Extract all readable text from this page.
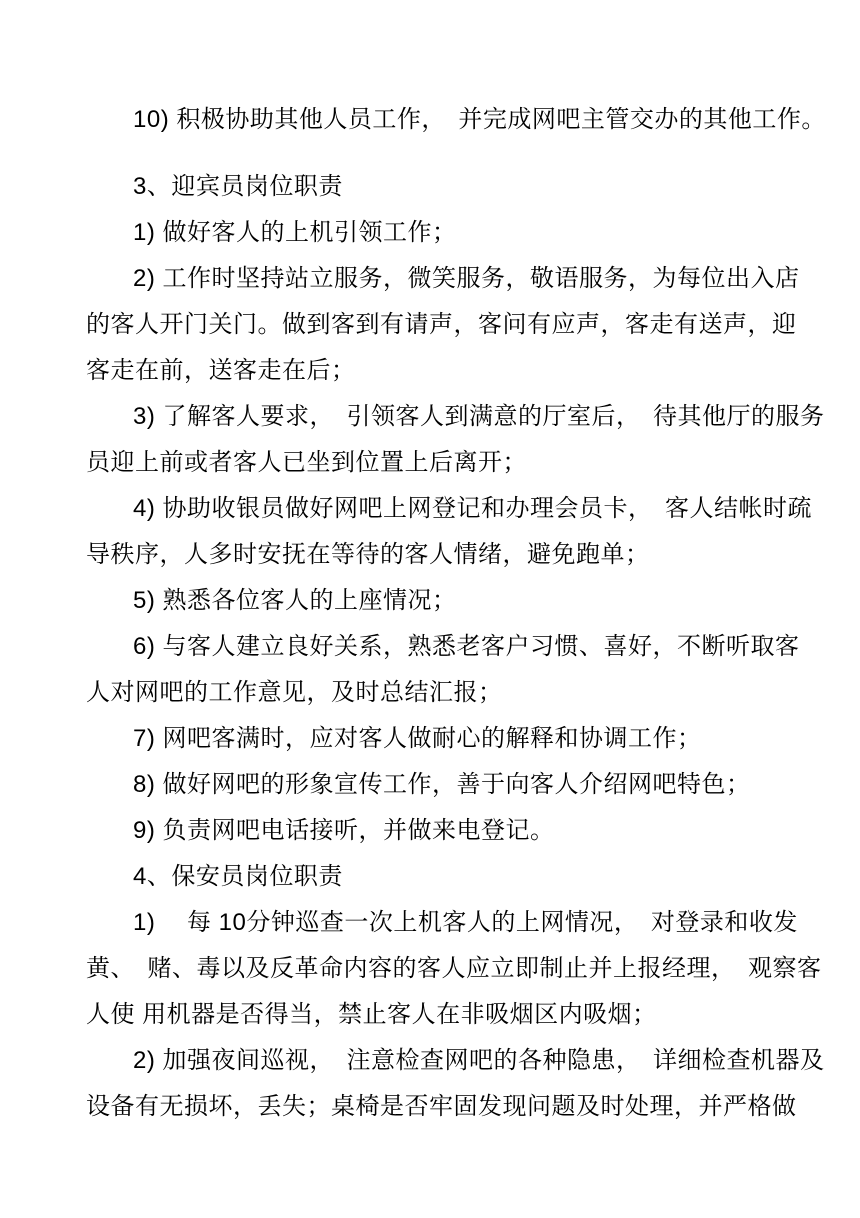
10) 积极协助其他人员工作，　并完成网吧主管交办的其他工作。

3、迎宾员岗位职责

1) 做好客人的上机引领工作；

2) 工作时坚持站立服务，微笑服务，敬语服务，为每位出入店
的客人开门关门。做到客到有请声，客问有应声，客走有送声，迎
客走在前，送客走在后；

3) 了解客人要求，　引领客人到满意的厅室后，　待其他厅的服务
员迎上前或者客人已坐到位置上后离开；

4) 协助收银员做好网吧上网登记和办理会员卡，　客人结帐时疏
导秩序，人多时安抚在等待的客人情绪，避免跑单；

5) 熟悉各位客人的上座情况；

6) 与客人建立良好关系，熟悉老客户习惯、喜好，不断听取客
人对网吧的工作意见，及时总结汇报；

7) 网吧客满时，应对客人做耐心的解释和协调工作；

8) 做好网吧的形象宣传工作，善于向客人介绍网吧特色；

9) 负责网吧电话接听，并做来电登记。

4、保安员岗位职责

1)　 每 10分钟巡查一次上机客人的上网情况，　对登录和收发
黄、　赌、毒以及反革命内容的客人应立即制止并上报经理，　观察客
人使 用机器是否得当，禁止客人在非吸烟区内吸烟；

2) 加强夜间巡视，　注意检查网吧的各种隐患，　详细检查机器及
设备有无损坏，丢失；桌椅是否牢固发现问题及时处理，并严格做
